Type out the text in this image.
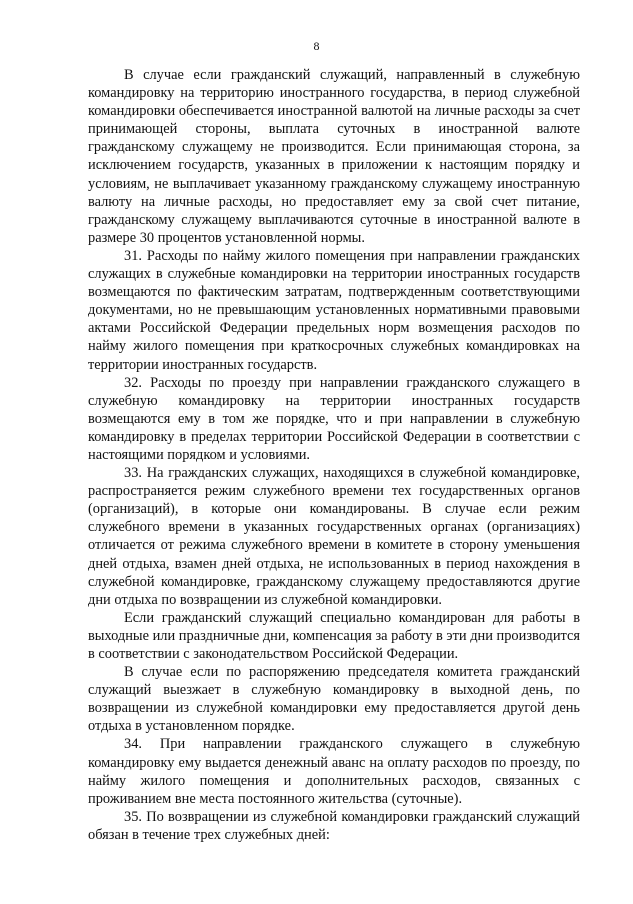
8

В случае если гражданский служащий, направленный в служебную командировку на территорию иностранного государства, в период служебной командировки обеспечивается иностранной валютой на личные расходы за счет принимающей стороны, выплата суточных в иностранной валюте гражданскому служащему не производится. Если принимающая сторона, за исключением государств, указанных в приложении к настоящим порядку и условиям, не выплачивает указанному гражданскому служащему иностранную валюту на личные расходы, но предоставляет ему за свой счет питание, гражданскому служащему выплачиваются суточные в иностранной валюте в размере 30 процентов установленной нормы.

31. Расходы по найму жилого помещения при направлении гражданских служащих в служебные командировки на территории иностранных государств возмещаются по фактическим затратам, подтвержденным соответствующими документами, но не превышающим установленных нормативными правовыми актами Российской Федерации предельных норм возмещения расходов по найму жилого помещения при краткосрочных служебных командировках на территории иностранных государств.

32. Расходы по проезду при направлении гражданского служащего в служебную командировку на территории иностранных государств возмещаются ему в том же порядке, что и при направлении в служебную командировку в пределах территории Российской Федерации в соответствии с настоящими порядком и условиями.

33. На гражданских служащих, находящихся в служебной командировке, распространяется режим служебного времени тех государственных органов (организаций), в которые они командированы. В случае если режим служебного времени в указанных государственных органах (организациях) отличается от режима служебного времени в комитете в сторону уменьшения дней отдыха, взамен дней отдыха, не использованных в период нахождения в служебной командировке, гражданскому служащему предоставляются другие дни отдыха по возвращении из служебной командировки.

Если гражданский служащий специально командирован для работы в выходные или праздничные дни, компенсация за работу в эти дни производится в соответствии с законодательством Российской Федерации.

В случае если по распоряжению председателя комитета гражданский служащий выезжает в служебную командировку в выходной день, по возвращении из служебной командировки ему предоставляется другой день отдыха в установленном порядке.

34. При направлении гражданского служащего в служебную командировку ему выдается денежный аванс на оплату расходов по проезду, по найму жилого помещения и дополнительных расходов, связанных с проживанием вне места постоянного жительства (суточные).

35. По возвращении из служебной командировки гражданский служащий обязан в течение трех служебных дней:
